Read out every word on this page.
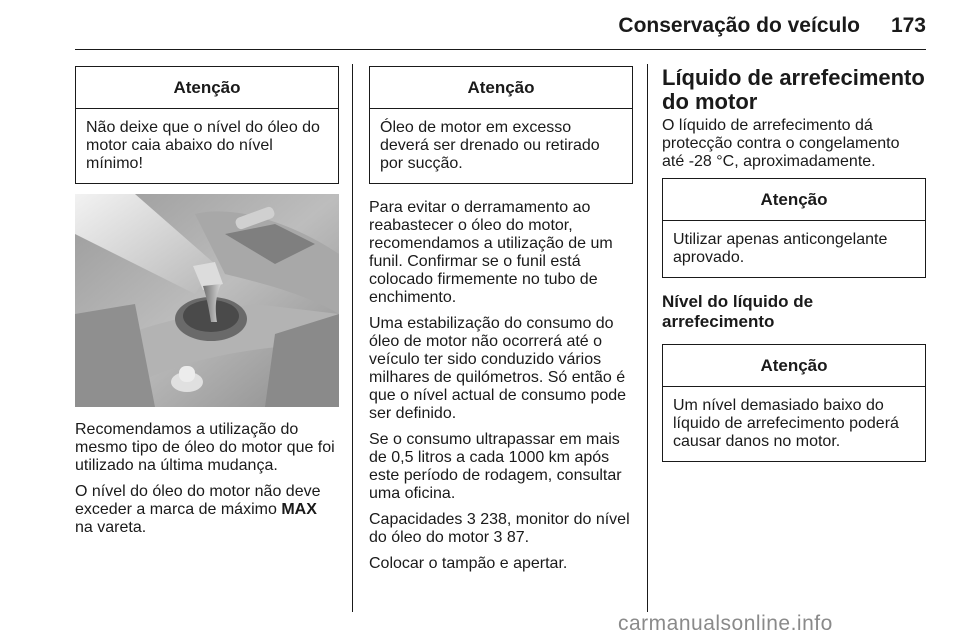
Conservação do veículo	173
Atenção
Não deixe que o nível do óleo do motor caia abaixo do nível mínimo!

Recomendamos a utilização do mesmo tipo de óleo do motor que foi utilizado na última mudança.

O nível do óleo do motor não deve exceder a marca de máximo MAX na vareta.

Atenção
Óleo de motor em excesso deverá ser drenado ou retirado por sucção.

Para evitar o derramamento ao reabastecer o óleo do motor, recomendamos a utilização de um funil. Confirmar se o funil está colocado firmemente no tubo de enchimento.

Uma estabilização do consumo do óleo de motor não ocorrerá até o veículo ter sido conduzido vários milhares de quilómetros. Só então é que o nível actual de consumo pode ser definido.

Se o consumo ultrapassar em mais de 0,5 litros a cada 1000 km após este período de rodagem, consultar uma oficina.

Capacidades 3 238, monitor do nível do óleo do motor 3 87.

Colocar o tampão e apertar.

Líquido de arrefecimento do motor

O líquido de arrefecimento dá protecção contra o congelamento até -28 °C, aproximadamente.

Atenção
Utilizar apenas anticongelante aprovado.
Nível do líquido de arrefecimento
Atenção
Um nível demasiado baixo do líquido de arrefecimento poderá causar danos no motor.
carmanualsonline.info
